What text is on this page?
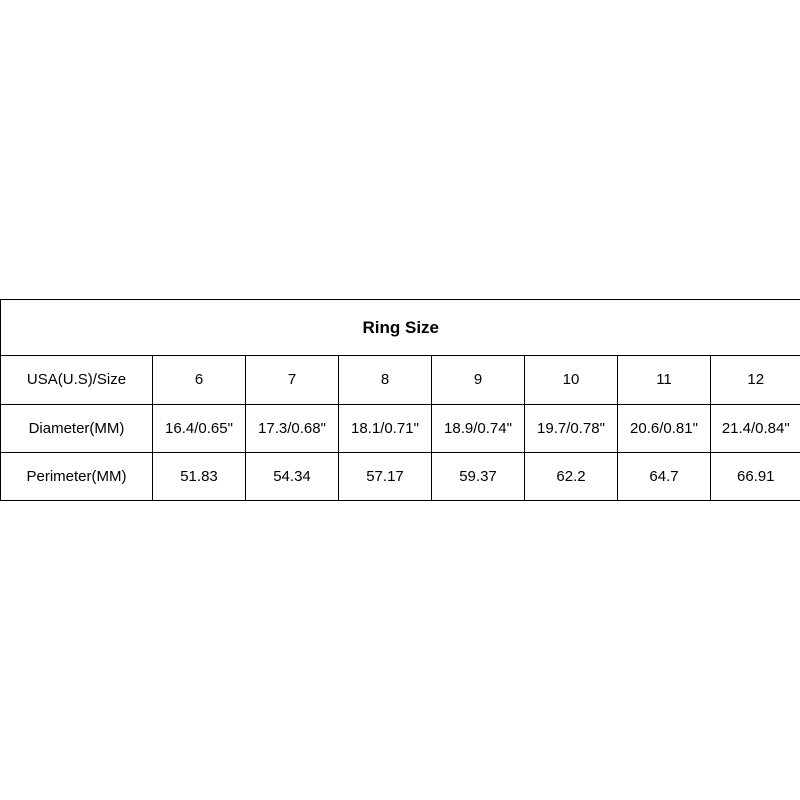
Ring Size							
USA(U.S)/Size	6	7	8	9	10	11	12
Diameter(MM)	16.4/0.65"	17.3/0.68"	18.1/0.71"	18.9/0.74"	19.7/0.78"	20.6/0.81"	21.4/0.84"
Perimeter(MM)	51.83	54.34	57.17	59.37	62.2	64.7	66.91
